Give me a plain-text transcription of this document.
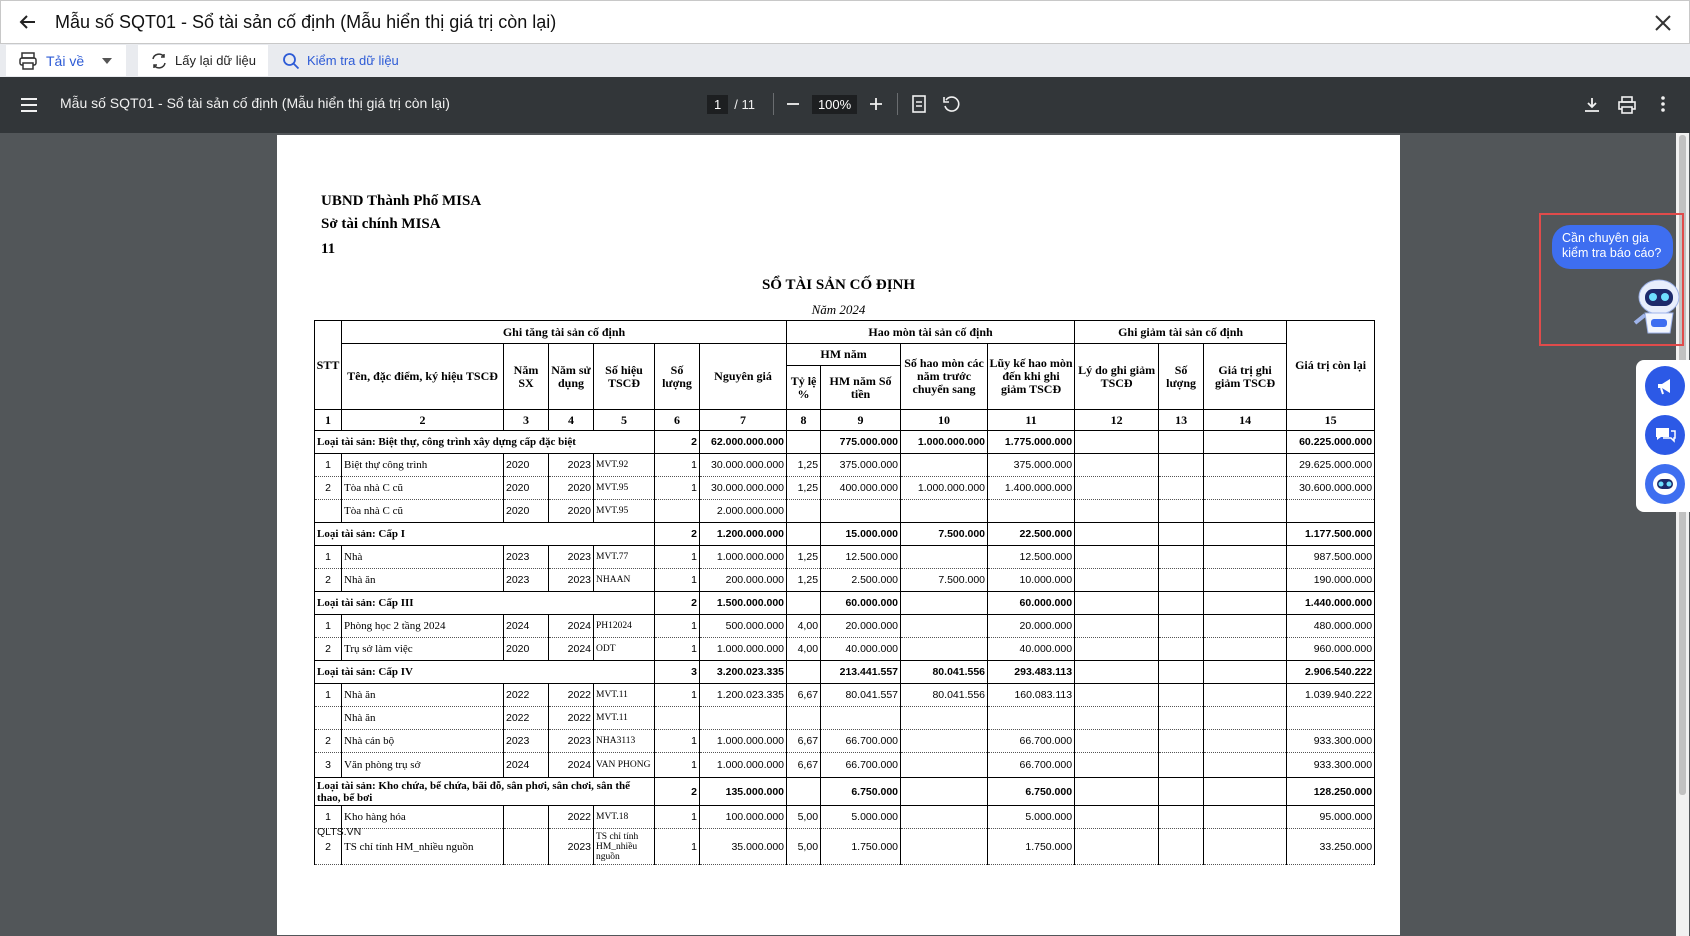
Mẫu số SQT01 - Sổ tài sản cố định (Mẫu hiển thị giá trị còn lại)
Tải về	Lấy lại dữ liệu	Kiểm tra dữ liệu
Mẫu số SQT01 - Sổ tài sản cố định (Mẫu hiển thị giá trị còn lại)	1	/ 11	100%
UBND Thành Phố MISA
Sở tài chính MISA
11
SỔ TÀI SẢN CỐ ĐỊNH
Năm 2024
STT	Ghi tăng tài sản cố định						Hao mòn tài sản cố định				Ghi giảm tài sản cố định			Giá trị còn lại
	Tên, đặc điểm, ký hiệu TSCĐ	Năm SX	Năm sử dụng	Số hiệu TSCĐ	Số lượng	Nguyên giá	HM năm		Số hao mòn các năm trước chuyển sang	Lũy kế hao mòn đến khi ghi giảm TSCĐ	Lý do ghi giảm TSCĐ	Số lượng	Giá trị ghi giảm TSCĐ	
							Tỷ lệ %	HM năm Số tiền						
1	2	3	4	5	6	7	8	9	10	11	12	13	14	15
Loại tài sản: Biệt thự, công trình xây dựng cấp đặc biệt					2	62.000.000.000		775.000.000	1.000.000.000	1.775.000.000				60.225.000.000
1	Biệt thự công trình	2020	2023	MVT.92	1	30.000.000.000	1,25	375.000.000		375.000.000				29.625.000.000
2	Tòa nhà C cũ	2020	2020	MVT.95	1	30.000.000.000	1,25	400.000.000	1.000.000.000	1.400.000.000				30.600.000.000
	Tòa nhà C cũ	2020	2020	MVT.95		2.000.000.000								
Loại tài sản: Cấp I					2	1.200.000.000		15.000.000	7.500.000	22.500.000				1.177.500.000
1	Nhà	2023	2023	MVT.77	1	1.000.000.000	1,25	12.500.000		12.500.000				987.500.000
2	Nhà ăn	2023	2023	NHAAN	1	200.000.000	1,25	2.500.000	7.500.000	10.000.000				190.000.000
Loại tài sản: Cấp III					2	1.500.000.000		60.000.000		60.000.000				1.440.000.000
1	Phòng học 2 tầng 2024	2024	2024	PH12024	1	500.000.000	4,00	20.000.000		20.000.000				480.000.000
2	Trụ sở làm việc	2020	2024	ODT	1	1.000.000.000	4,00	40.000.000		40.000.000				960.000.000
Loại tài sản: Cấp IV					3	3.200.023.335		213.441.557	80.041.556	293.483.113				2.906.540.222
1	Nhà ăn	2022	2022	MVT.11	1	1.200.023.335	6,67	80.041.557	80.041.556	160.083.113				1.039.940.222
	Nhà ăn	2022	2022	MVT.11										
2	Nhà cán bộ	2023	2023	NHA3113	1	1.000.000.000	6,67	66.700.000		66.700.000				933.300.000
3	Văn phòng trụ sở	2024	2024	VAN PHONG	1	1.000.000.000	6,67	66.700.000		66.700.000				933.300.000
Loại tài sản: Kho chứa, bể chứa, bãi đỗ, sân phơi, sân chơi, sân thể thao, bể bơi					2	135.000.000		6.750.000		6.750.000				128.250.000
1	Kho hàng hóa		2022	MVT.18	1	100.000.000	5,00	5.000.000		5.000.000				95.000.000
2	TS chỉ tính HM_nhiều nguồn		2023	TS chỉ tính HM_nhiều nguồn	1	35.000.000	5,00	1.750.000		1.750.000				33.250.000
QLTS.VN
Cần chuyên gia kiểm tra báo cáo?
